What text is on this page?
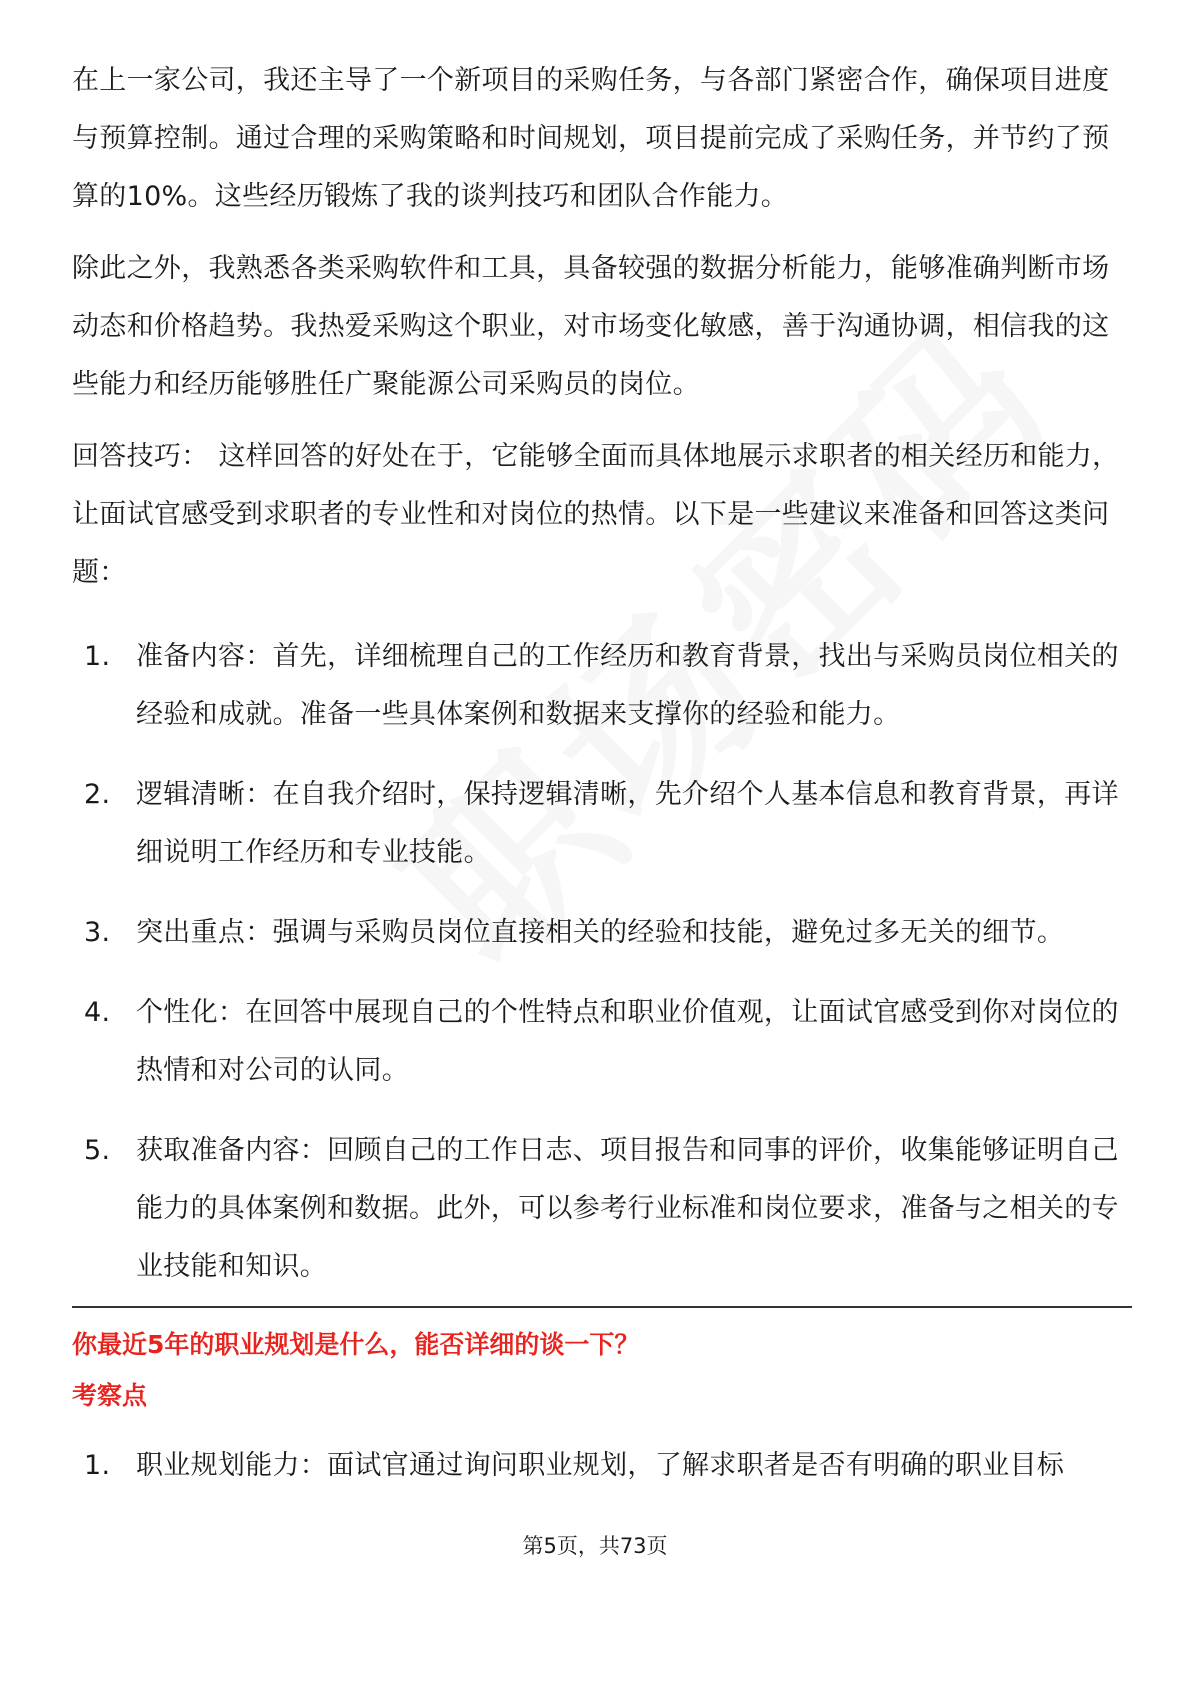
在上一家公司，我还主导了一个新项目的采购任务，与各部门紧密合作，确保项目进度与预算控制。通过合理的采购策略和时间规划，项目提前完成了采购任务，并节约了预算的10%。这些经历锻炼了我的谈判技巧和团队合作能力。

除此之外，我熟悉各类采购软件和工具，具备较强的数据分析能力，能够准确判断市场动态和价格趋势。我热爱采购这个职业，对市场变化敏感，善于沟通协调，相信我的这些能力和经历能够胜任广聚能源公司采购员的岗位。

回答技巧： 这样回答的好处在于，它能够全面而具体地展示求职者的相关经历和能力，让面试官感受到求职者的专业性和对岗位的热情。以下是一些建议来准备和回答这类问题：

1. 准备内容：首先，详细梳理自己的工作经历和教育背景，找出与采购员岗位相关的经验和成就。准备一些具体案例和数据来支撑你的经验和能力。
2. 逻辑清晰：在自我介绍时，保持逻辑清晰，先介绍个人基本信息和教育背景，再详细说明工作经历和专业技能。
3. 突出重点：强调与采购员岗位直接相关的经验和技能，避免过多无关的细节。
4. 个性化：在回答中展现自己的个性特点和职业价值观，让面试官感受到你对岗位的热情和对公司的认同。
5. 获取准备内容：回顾自己的工作日志、项目报告和同事的评价，收集能够证明自己能力的具体案例和数据。此外，可以参考行业标准和岗位要求，准备与之相关的专业技能和知识。
你最近5年的职业规划是什么，能否详细的谈一下？
考察点
1. 职业规划能力：面试官通过询问职业规划，了解求职者是否有明确的职业目标
第5页，共73页
